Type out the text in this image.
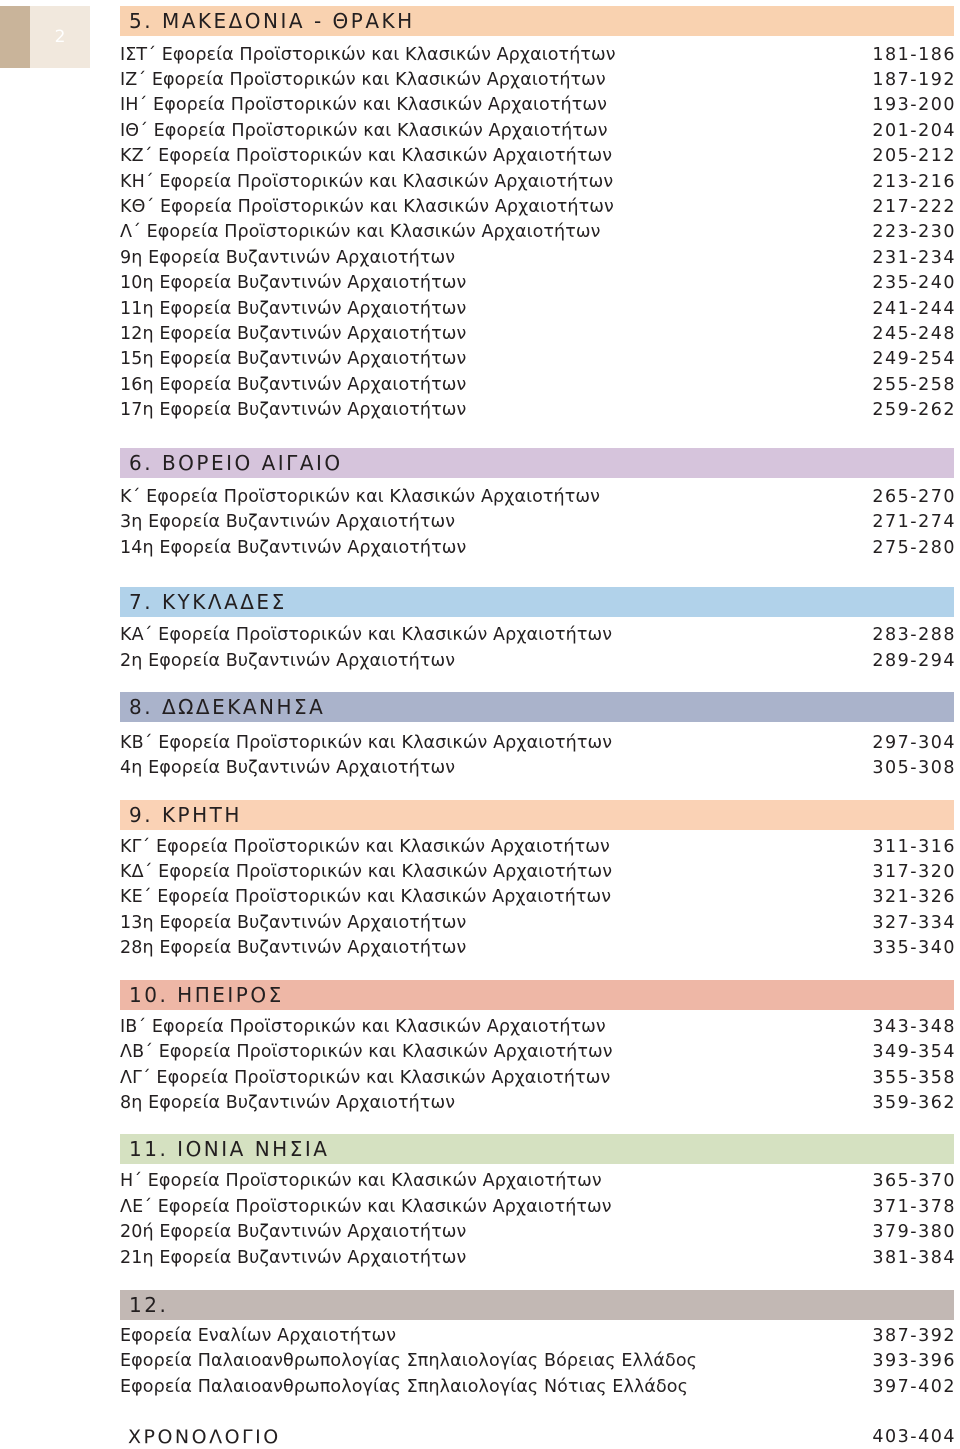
2
5. ΜΑΚΕΔΟΝΙΑ - ΘΡΑΚΗ
ΙΣΤ΄ Εφορεία Προϊστορικών και Κλασικών Αρχαιοτήτων	181-186
ΙΖ΄ Εφορεία Προϊστορικών και Κλασικών Αρχαιοτήτων	187-192
ΙΗ΄ Εφορεία Προϊστορικών και Κλασικών Αρχαιοτήτων	193-200
ΙΘ΄ Εφορεία Προϊστορικών και Κλασικών Αρχαιοτήτων	201-204
ΚΖ΄ Εφορεία Προϊστορικών και Κλασικών Αρχαιοτήτων	205-212
ΚΗ΄ Εφορεία Προϊστορικών και Κλασικών Αρχαιοτήτων	213-216
ΚΘ΄ Εφορεία Προϊστορικών και Κλασικών Αρχαιοτήτων	217-222
Λ΄ Εφορεία Προϊστορικών και Κλασικών Αρχαιοτήτων	223-230
9η Εφορεία Βυζαντινών Αρχαιοτήτων	231-234
10η Εφορεία Βυζαντινών Αρχαιοτήτων	235-240
11η Εφορεία Βυζαντινών Αρχαιοτήτων	241-244
12η Εφορεία Βυζαντινών Αρχαιοτήτων	245-248
15η Εφορεία Βυζαντινών Αρχαιοτήτων	249-254
16η Εφορεία Βυζαντινών Αρχαιοτήτων	255-258
17η Εφορεία Βυζαντινών Αρχαιοτήτων	259-262
6. ΒΟΡΕΙΟ ΑΙΓΑΙΟ
Κ΄ Εφορεία Προϊστορικών και Κλασικών Αρχαιοτήτων	265-270
3η Εφορεία Βυζαντινών Αρχαιοτήτων	271-274
14η Εφορεία Βυζαντινών Αρχαιοτήτων	275-280
7. ΚΥΚΛΑΔΕΣ
ΚΑ΄ Εφορεία Προϊστορικών και Κλασικών Αρχαιοτήτων	283-288
2η Εφορεία Βυζαντινών Αρχαιοτήτων	289-294
8. ΔΩΔΕΚΑΝΗΣΑ
ΚΒ΄ Εφορεία Προϊστορικών και Κλασικών Αρχαιοτήτων	297-304
4η Εφορεία Βυζαντινών Αρχαιοτήτων	305-308
9. ΚΡΗΤΗ
ΚΓ΄ Εφορεία Προϊστορικών και Κλασικών Αρχαιοτήτων	311-316
ΚΔ΄ Εφορεία Προϊστορικών και Κλασικών Αρχαιοτήτων	317-320
ΚΕ΄ Εφορεία Προϊστορικών και Κλασικών Αρχαιοτήτων	321-326
13η Εφορεία Βυζαντινών Αρχαιοτήτων	327-334
28η Εφορεία Βυζαντινών Αρχαιοτήτων	335-340
10. ΗΠΕΙΡΟΣ
ΙΒ΄ Εφορεία Προϊστορικών και Κλασικών Αρχαιοτήτων	343-348
ΛΒ΄ Εφορεία Προϊστορικών και Κλασικών Αρχαιοτήτων	349-354
ΛΓ΄ Εφορεία Προϊστορικών και Κλασικών Αρχαιοτήτων	355-358
8η Εφορεία Βυζαντινών Αρχαιοτήτων	359-362
11. ΙΟΝΙΑ ΝΗΣΙΑ
Η΄ Εφορεία Προϊστορικών και Κλασικών Αρχαιοτήτων	365-370
ΛΕ΄ Εφορεία Προϊστορικών και Κλασικών Αρχαιοτήτων	371-378
20ή Εφορεία Βυζαντινών Αρχαιοτήτων	379-380
21η Εφορεία Βυζαντινών Αρχαιοτήτων	381-384
12.
Εφορεία Εναλίων Αρχαιοτήτων	387-392
Εφορεία Παλαιοανθρωπολογίας Σπηλαιολογίας Βόρειας Ελλάδος	393-396
Εφορεία Παλαιοανθρωπολογίας Σπηλαιολογίας Νότιας Ελλάδος	397-402
ΧΡΟΝΟΛΟΓΙΟ	403-404
